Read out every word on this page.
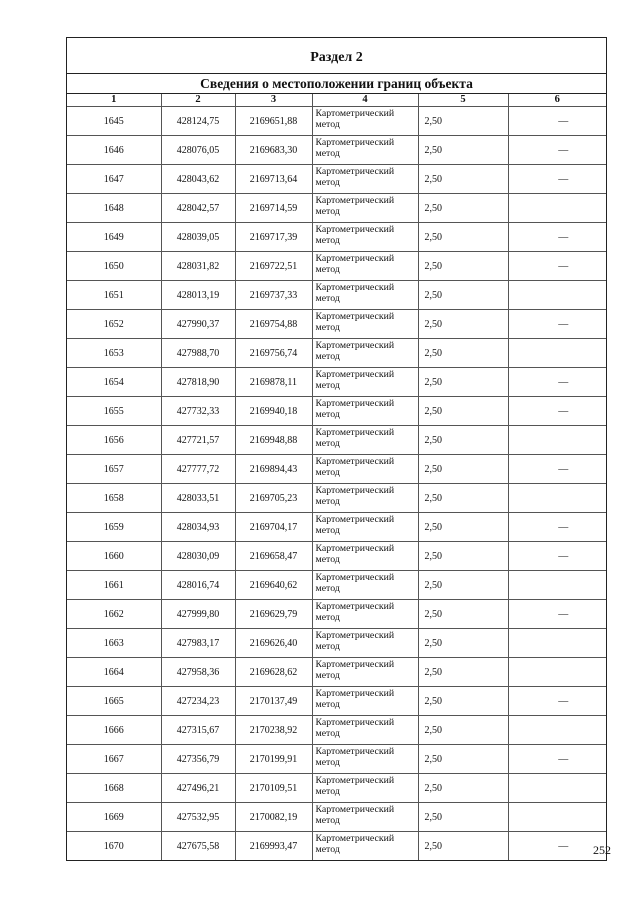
Раздел 2
Сведения о местоположении границ объекта
1	2	3	4	5	6
1645	428124,75	2169651,88	Картометрический метод	2,50	—
1646	428076,05	2169683,30	Картометрический метод	2,50	—
1647	428043,62	2169713,64	Картометрический метод	2,50	—
1648	428042,57	2169714,59	Картометрический метод	2,50	
1649	428039,05	2169717,39	Картометрический метод	2,50	—
1650	428031,82	2169722,51	Картометрический метод	2,50	—
1651	428013,19	2169737,33	Картометрический метод	2,50	
1652	427990,37	2169754,88	Картометрический метод	2,50	—
1653	427988,70	2169756,74	Картометрический метод	2,50	
1654	427818,90	2169878,11	Картометрический метод	2,50	—
1655	427732,33	2169940,18	Картометрический метод	2,50	—
1656	427721,57	2169948,88	Картометрический метод	2,50	
1657	427777,72	2169894,43	Картометрический метод	2,50	—
1658	428033,51	2169705,23	Картометрический метод	2,50	
1659	428034,93	2169704,17	Картометрический метод	2,50	—
1660	428030,09	2169658,47	Картометрический метод	2,50	—
1661	428016,74	2169640,62	Картометрический метод	2,50	
1662	427999,80	2169629,79	Картометрический метод	2,50	—
1663	427983,17	2169626,40	Картометрический метод	2,50	
1664	427958,36	2169628,62	Картометрический метод	2,50	
1665	427234,23	2170137,49	Картометрический метод	2,50	—
1666	427315,67	2170238,92	Картометрический метод	2,50	
1667	427356,79	2170199,91	Картометрический метод	2,50	—
1668	427496,21	2170109,51	Картометрический метод	2,50	
1669	427532,95	2170082,19	Картометрический метод	2,50	
1670	427675,58	2169993,47	Картометрический метод	2,50	— 252
